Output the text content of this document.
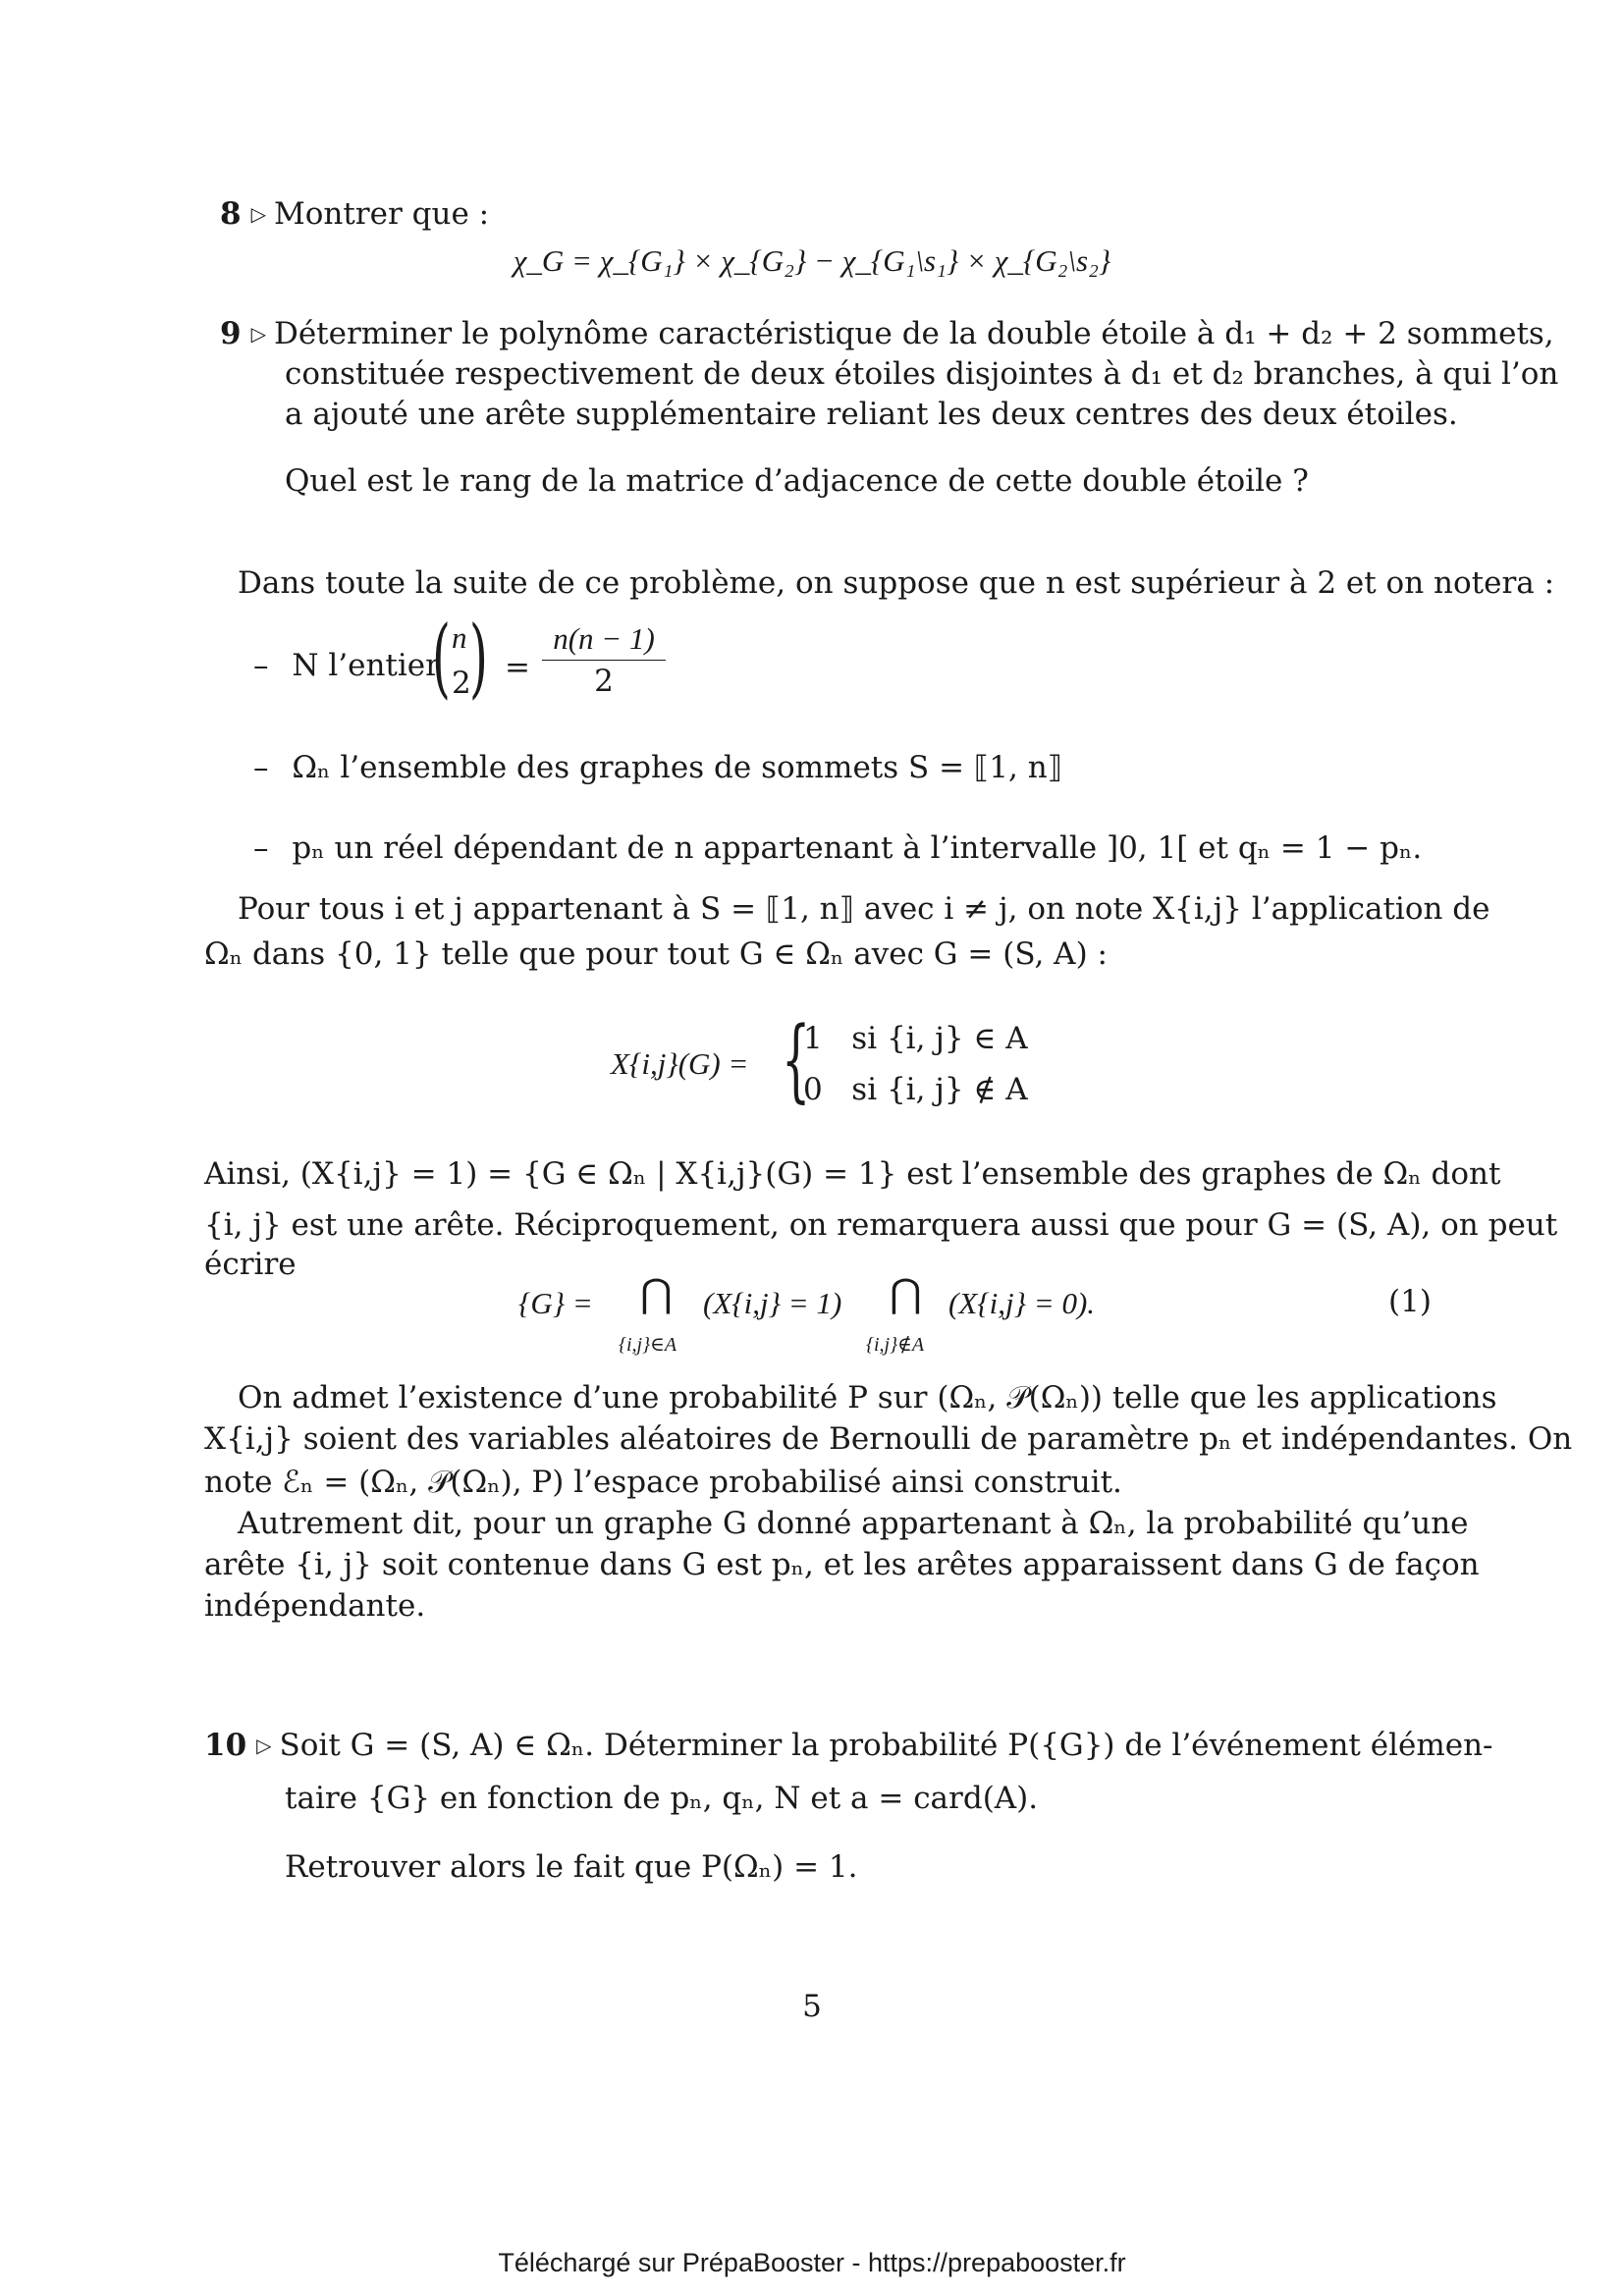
8 ▷ Montrer que :
χ_G = χ_{G₁} × χ_{G₂} − χ_{G₁\s₁} × χ_{G₂\s₂}
9 ▷ Déterminer le polynôme caractéristique de la double étoile à d₁ + d₂ + 2 sommets,
constituée respectivement de deux étoiles disjointes à d₁ et d₂ branches, à qui l’on
a ajouté une arête supplémentaire reliant les deux centres des deux étoiles.
Quel est le rang de la matrice d’adjacence de cette double étoile ?
Dans toute la suite de ce problème, on suppose que n est supérieur à 2 et on notera :
– N l’entier
( n
2
) =
n(n − 1)
2
– Ωₙ l’ensemble des graphes de sommets S = ⟦1, n⟧
– pₙ un réel dépendant de n appartenant à l’intervalle ]0, 1[ et qₙ = 1 − pₙ.
Pour tous i et j appartenant à S = ⟦1, n⟧ avec i ≠ j, on note X{i,j} l’application de
Ωₙ dans {0, 1} telle que pour tout G ∈ Ωₙ avec G = (S, A) :
X{i,j}(G) = {
1   si {i, j} ∈ A
0   si {i, j} ∉ A
Ainsi, (X{i,j} = 1) = {G ∈ Ωₙ | X{i,j}(G) = 1} est l’ensemble des graphes de Ωₙ dont
{i, j} est une arête. Réciproquement, on remarquera aussi que pour G = (S, A), on peut
écrire
{G} = ⋂ (X{i,j} = 1) ⋂ (X{i,j} = 0).
{i,j}∈A	{i,j}∉A
(1)
On admet l’existence d’une probabilité P sur (Ωₙ, 𝒫(Ωₙ)) telle que les applications
X{i,j} soient des variables aléatoires de Bernoulli de paramètre pₙ et indépendantes. On
note ℰₙ = (Ωₙ, 𝒫(Ωₙ), P) l’espace probabilisé ainsi construit.
Autrement dit, pour un graphe G donné appartenant à Ωₙ, la probabilité qu’une
arête {i, j} soit contenue dans G est pₙ, et les arêtes apparaissent dans G de façon
indépendante.
10 ▷ Soit G = (S, A) ∈ Ωₙ. Déterminer la probabilité P({G}) de l’événement élémen-
taire {G} en fonction de pₙ, qₙ, N et a = card(A).
Retrouver alors le fait que P(Ωₙ) = 1.
5
Téléchargé sur PrépaBooster - https://prepabooster.fr
